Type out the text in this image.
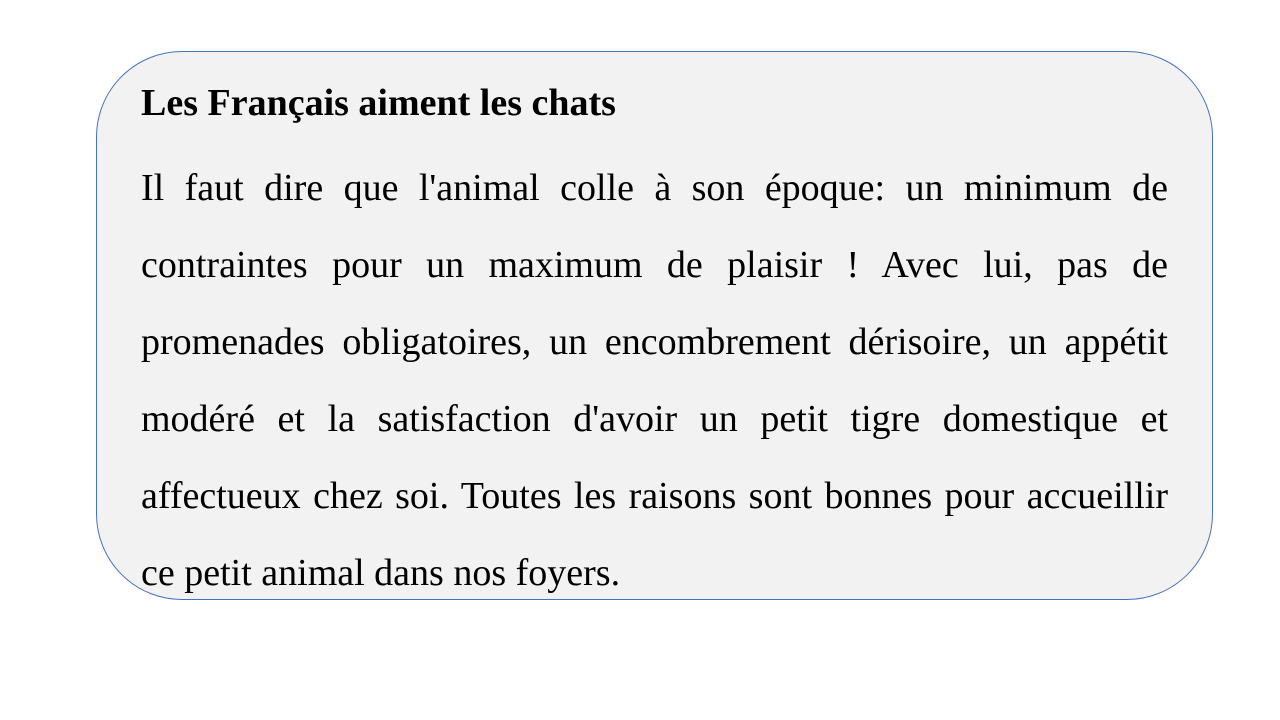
Les Français aiment les chats

Il faut dire que l'animal colle à son époque: un minimum de contraintes pour un maximum de plaisir ! Avec lui, pas de promenades obligatoires, un encombrement dérisoire, un appétit modéré et la satisfaction d'avoir un petit tigre domestique et affectueux chez soi. Toutes les raisons sont bonnes pour accueillir ce petit animal dans nos foyers.
